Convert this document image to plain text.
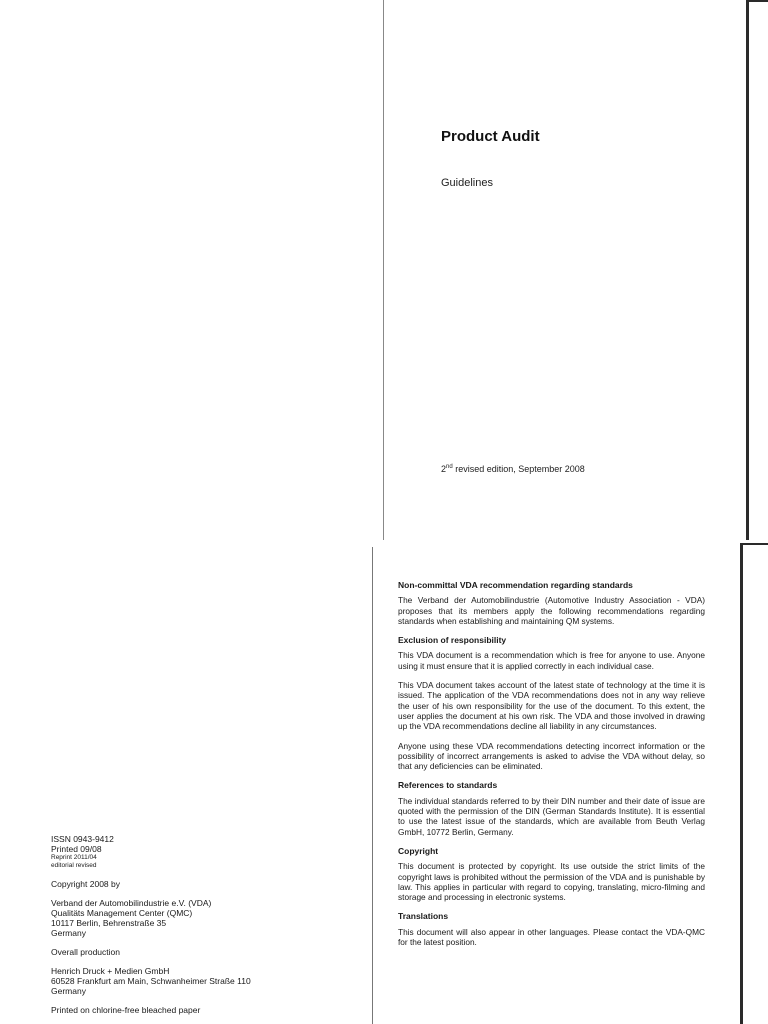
Product Audit
Guidelines
2nd revised edition, September 2008
ISSN 0943-9412
Printed 09/08
Reprint 2011/04
editorial revised
Copyright 2008 by
Verband der Automobilindustrie e.V. (VDA)
Qualitäts Management Center (QMC)
10117 Berlin, Behrenstraße 35
Germany
Overall production
Henrich Druck + Medien GmbH
60528 Frankfurt am Main, Schwanheimer Straße 110
Germany
Printed on chlorine-free bleached paper
Non-committal VDA recommendation regarding standards

The Verband der Automobilindustrie (Automotive Industry Association - VDA) proposes that its members apply the following recommendations regarding standards when establishing and maintaining QM systems.

Exclusion of responsibility

This VDA document is a recommendation which is free for anyone to use. Anyone using it must ensure that it is applied correctly in each individual case.

This VDA document takes account of the latest state of technology at the time it is issued. The application of the VDA recommendations does not in any way relieve the user of his own responsibility for the use of the document. To this extent, the user applies the document at his own risk. The VDA and those involved in drawing up the VDA recommendations decline all liability in any circumstances.

Anyone using these VDA recommendations detecting incorrect information or the possibility of incorrect arrangements is asked to advise the VDA without delay, so that any deficiencies can be eliminated.

References to standards

The individual standards referred to by their DIN number and their date of issue are quoted with the permission of the DIN (German Standards Institute). It is essential to use the latest issue of the standards, which are available from Beuth Verlag GmbH, 10772 Berlin, Germany.

Copyright

This document is protected by copyright. Its use outside the strict limits of the copyright laws is prohibited without the permission of the VDA and is punishable by law. This applies in particular with regard to copying, translating, micro-filming and storage and processing in electronic systems.

Translations

This document will also appear in other languages. Please contact the VDA-QMC for the latest position.
